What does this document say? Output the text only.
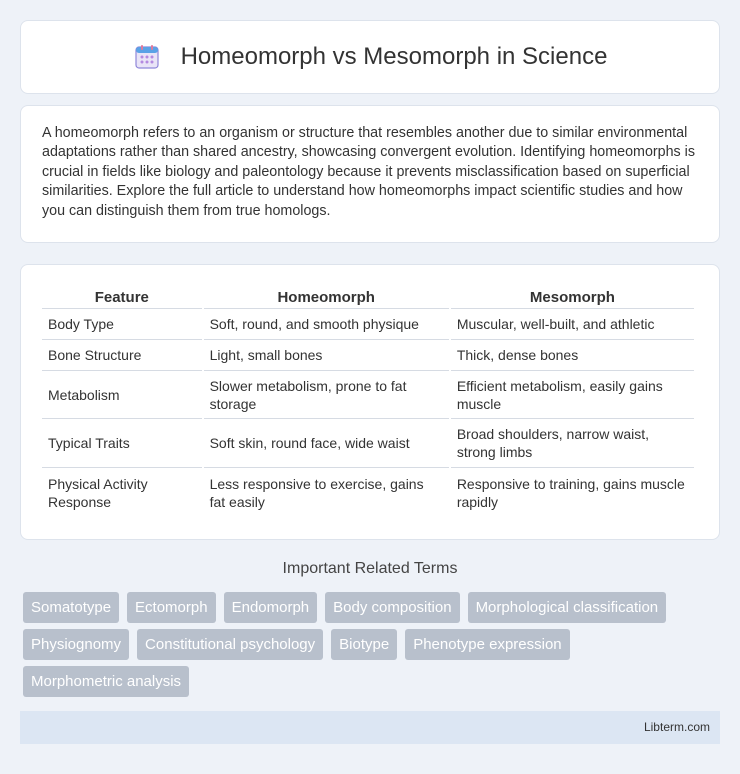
Homeomorph vs Mesomorph in Science

A homeomorph refers to an organism or structure that resembles another due to similar environmental adaptations rather than shared ancestry, showcasing convergent evolution. Identifying homeomorphs is crucial in fields like biology and paleontology because it prevents misclassification based on superficial similarities. Explore the full article to understand how homeomorphs impact scientific studies and how you can distinguish them from true homologs.

Feature	Homeomorph	Mesomorph
Body Type	Soft, round, and smooth physique	Muscular, well-built, and athletic
Bone Structure	Light, small bones	Thick, dense bones
Metabolism	Slower metabolism, prone to fat storage	Efficient metabolism, easily gains muscle
Typical Traits	Soft skin, round face, wide waist	Broad shoulders, narrow waist, strong limbs
Physical Activity Response	Less responsive to exercise, gains fat easily	Responsive to training, gains muscle rapidly
Important Related Terms
Somatotype	Ectomorph	Endomorph	Body composition	Morphological classification
Physiognomy	Constitutional psychology	Biotype	Phenotype expression
Morphometric analysis
Libterm.com
